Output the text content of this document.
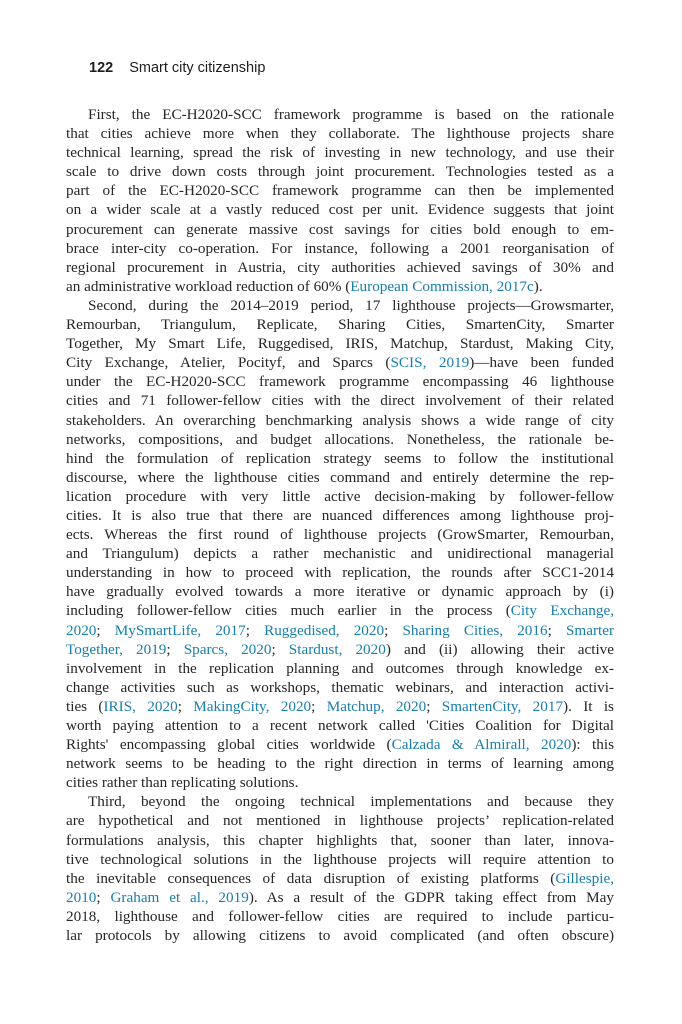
122 Smart city citizenship
First, the EC-H2020-SCC framework programme is based on the rationale
that cities achieve more when they collaborate. The lighthouse projects share
technical learning, spread the risk of investing in new technology, and use their
scale to drive down costs through joint procurement. Technologies tested as a
part of the EC-H2020-SCC framework programme can then be implemented
on a wider scale at a vastly reduced cost per unit. Evidence suggests that joint
procurement can generate massive cost savings for cities bold enough to em-
brace inter-city co-operation. For instance, following a 2001 reorganisation of
regional procurement in Austria, city authorities achieved savings of 30% and
an administrative workload reduction of 60% (European Commission, 2017c).
Second, during the 2014–2019 period, 17 lighthouse projects—Growsmarter,
Remourban, Triangulum, Replicate, Sharing Cities, SmartenCity, Smarter
Together, My Smart Life, Ruggedised, IRIS, Matchup, Stardust, Making City,
City Exchange, Atelier, Pocityf, and Sparcs (SCIS, 2019)—have been funded
under the EC-H2020-SCC framework programme encompassing 46 lighthouse
cities and 71 follower-fellow cities with the direct involvement of their related
stakeholders. An overarching benchmarking analysis shows a wide range of city
networks, compositions, and budget allocations. Nonetheless, the rationale be-
hind the formulation of replication strategy seems to follow the institutional
discourse, where the lighthouse cities command and entirely determine the rep-
lication procedure with very little active decision-making by follower-fellow
cities. It is also true that there are nuanced differences among lighthouse proj-
ects. Whereas the first round of lighthouse projects (GrowSmarter, Remourban,
and Triangulum) depicts a rather mechanistic and unidirectional managerial
understanding in how to proceed with replication, the rounds after SCC1-2014
have gradually evolved towards a more iterative or dynamic approach by (i)
including follower-fellow cities much earlier in the process (City Exchange,
2020; MySmartLife, 2017; Ruggedised, 2020; Sharing Cities, 2016; Smarter
Together, 2019; Sparcs, 2020; Stardust, 2020) and (ii) allowing their active
involvement in the replication planning and outcomes through knowledge ex-
change activities such as workshops, thematic webinars, and interaction activi-
ties (IRIS, 2020; MakingCity, 2020; Matchup, 2020; SmartenCity, 2017). It is
worth paying attention to a recent network called 'Cities Coalition for Digital
Rights' encompassing global cities worldwide (Calzada & Almirall, 2020): this
network seems to be heading to the right direction in terms of learning among
cities rather than replicating solutions.
Third, beyond the ongoing technical implementations and because they
are hypothetical and not mentioned in lighthouse projects’ replication-related
formulations analysis, this chapter highlights that, sooner than later, innova-
tive technological solutions in the lighthouse projects will require attention to
the inevitable consequences of data disruption of existing platforms (Gillespie,
2010; Graham et al., 2019). As a result of the GDPR taking effect from May
2018, lighthouse and follower-fellow cities are required to include particu-
lar protocols by allowing citizens to avoid complicated (and often obscure)
